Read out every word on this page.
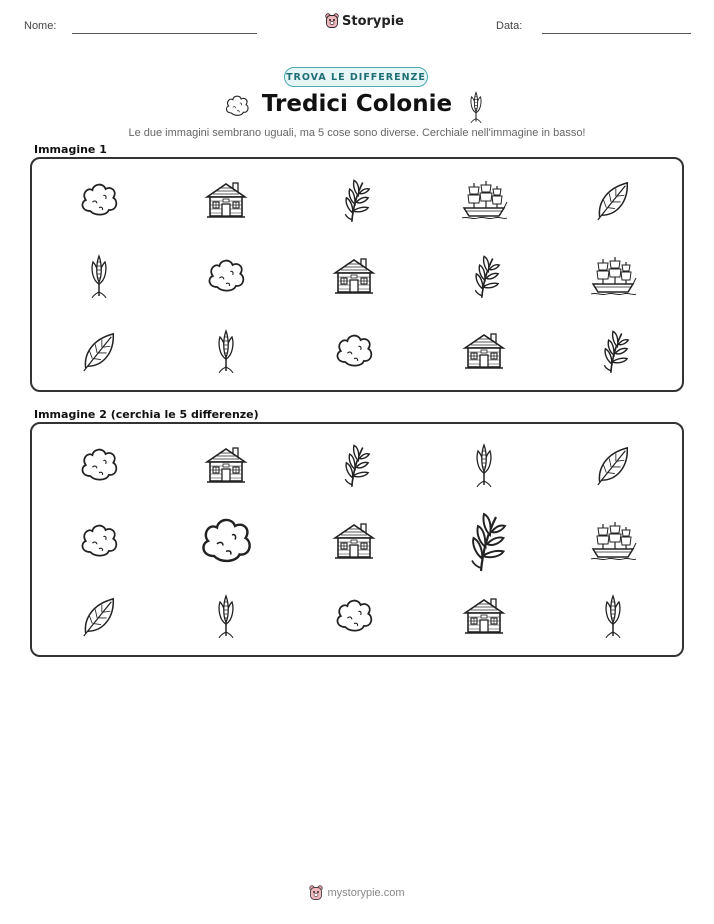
Nome:	Storypie	Data:
TROVA LE DIFFERENZE
Tredici Colonie
Le due immagini sembrano uguali, ma 5 cose sono diverse. Cerchiale nell'immagine in basso!
Immagine 1
Immagine 2 (cerchia le 5 differenze)
mystorypie.com
